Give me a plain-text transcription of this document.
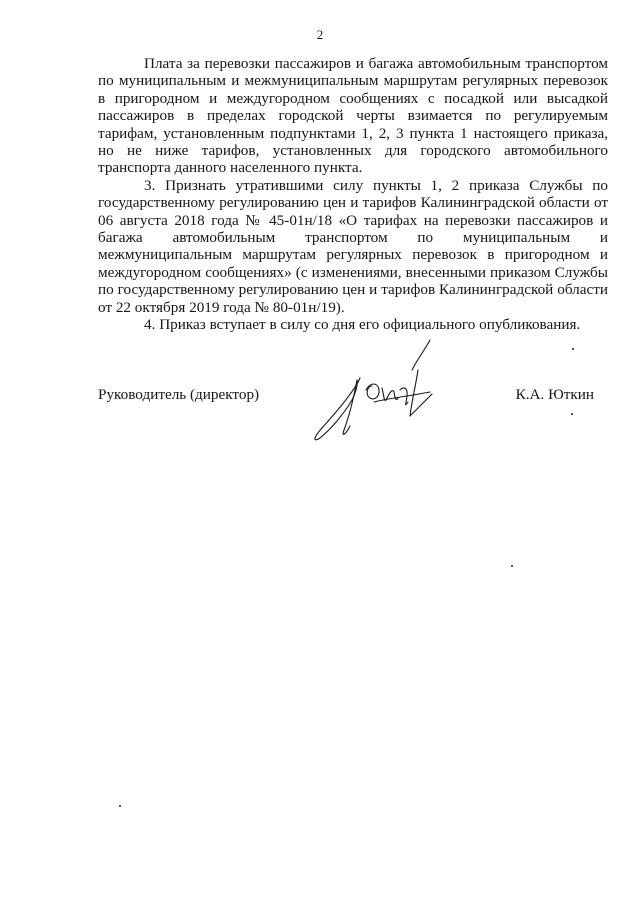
2

Плата за перевозки пассажиров и багажа автомобильным транспортом по муниципальным и межмуниципальным маршрутам регулярных перевозок в пригородном и междугородном сообщениях с посадкой или высадкой пассажиров в пределах городской черты взимается по регулируемым тарифам, установленным подпунктами 1, 2, 3 пункта 1 настоящего приказа, но не ниже тарифов, установленных для городского автомобильного транспорта данного населенного пункта.

3. Признать утратившими силу пункты 1, 2 приказа Службы по государственному регулированию цен и тарифов Калининградской области от 06 августа 2018 года № 45-01н/18 «О тарифах на перевозки пассажиров и багажа автомобильным транспортом по муниципальным и межмуниципальным маршрутам регулярных перевозок в пригородном и междугородном сообщениях» (с изменениями, внесенными приказом Службы по государственному регулированию цен и тарифов Калининградской области от 22 октября 2019 года № 80-01н/19).

4. Приказ вступает в силу со дня его официального опубликования.

Руководитель (директор)	К.А. Юткин
